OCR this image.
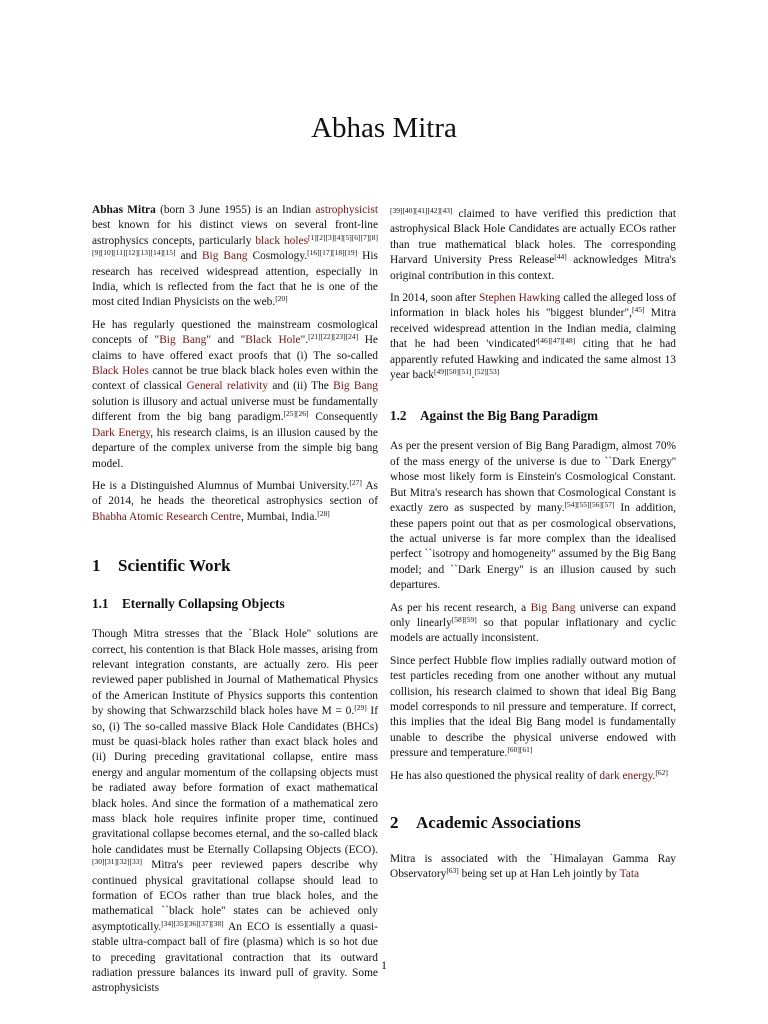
Abhas Mitra

Abhas Mitra (born 3 June 1955) is an Indian astrophysicist best known for his distinct views on several front-line astrophysics concepts, particularly black holes[1][2][3][4][5][6][7][8][9][10][11][12][13][14][15] and Big Bang Cosmology.[16][17][18][19] His research has received widespread attention, especially in India, which is reflected from the fact that he is one of the most cited Indian Physicists on the web.[20]

He has regularly questioned the mainstream cosmological concepts of "Big Bang" and "Black Hole".[21][22][23][24] He claims to have offered exact proofs that (i) The so-called Black Holes cannot be true black black holes even within the context of classical General relativity and (ii) The Big Bang solution is illusory and actual universe must be fundamentally different from the big bang paradigm.[25][26] Consequently Dark Energy, his research claims, is an illusion caused by the departure of the complex universe from the simple big bang model.

He is a Distinguished Alumnus of Mumbai University.[27] As of 2014, he heads the theoretical astrophysics section of Bhabha Atomic Research Centre, Mumbai, India.[28]

1 Scientific Work
1.1 Eternally Collapsing Objects

Though Mitra stresses that the `Black Hole'' solutions are correct, his contention is that Black Hole masses, arising from relevant integration constants, are actually zero. His peer reviewed paper published in Journal of Mathematical Physics of the American Institute of Physics supports this contention by showing that Schwarzschild black holes have M = 0.[29] If so, (i) The so-called massive Black Hole Candidates (BHCs) must be quasi-black holes rather than exact black holes and (ii) During preceding gravitational collapse, entire mass energy and angular momentum of the collapsing objects must be radiated away before formation of exact mathematical black holes. And since the formation of a mathematical zero mass black hole requires infinite proper time, continued gravitational collapse becomes eternal, and the so-called black hole candidates must be Eternally Collapsing Objects (ECO).[30][31][32][33] Mitra's peer reviewed papers describe why continued physical gravitational collapse should lead to formation of ECOs rather than true black holes, and the mathematical ``black hole'' states can be achieved only asymptotically.[34][35][36][37][38] An ECO is essentially a quasi-stable ultra-compact ball of fire (plasma) which is so hot due to preceding gravitational contraction that its outward radiation pressure balances its inward pull of gravity. Some astrophysicists

[39][40][41][42][43] claimed to have verified this prediction that astrophysical Black Hole Candidates are actually ECOs rather than true mathematical black holes. The corresponding Harvard University Press Release[44] acknowledges Mitra's original contribution in this context.

In 2014, soon after Stephen Hawking called the alleged loss of information in black holes his "biggest blunder",[45] Mitra received widespread attention in the Indian media, claiming that he had been 'vindicated'[46][47][48] citing that he had apparently refuted Hawking and indicated the same almost 13 year back[49][50][51].[52][53]

1.2 Against the Big Bang Paradigm

As per the present version of Big Bang Paradigm, almost 70% of the mass energy of the universe is due to ``Dark Energy'' whose most likely form is Einstein's Cosmological Constant. But Mitra's research has shown that Cosmological Constant is exactly zero as suspected by many.[54][55][56][57] In addition, these papers point out that as per cosmological observations, the actual universe is far more complex than the idealised perfect ``isotropy and homogeneity'' assumed by the Big Bang model; and ``Dark Energy'' is an illusion caused by such departures.

As per his recent research, a Big Bang universe can expand only linearly[58][59] so that popular inflationary and cyclic models are actually inconsistent.

Since perfect Hubble flow implies radially outward motion of test particles receding from one another without any mutual collision, his research claimed to shown that ideal Big Bang model corresponds to nil pressure and temperature. If correct, this implies that the ideal Big Bang model is fundamentally unable to describe the physical universe endowed with pressure and temperature.[60][61]

He has also questioned the physical reality of dark energy.[62]

2 Academic Associations

Mitra is associated with the `Himalayan Gamma Ray Observatory[63] being set up at Han Leh jointly by Tata

1
